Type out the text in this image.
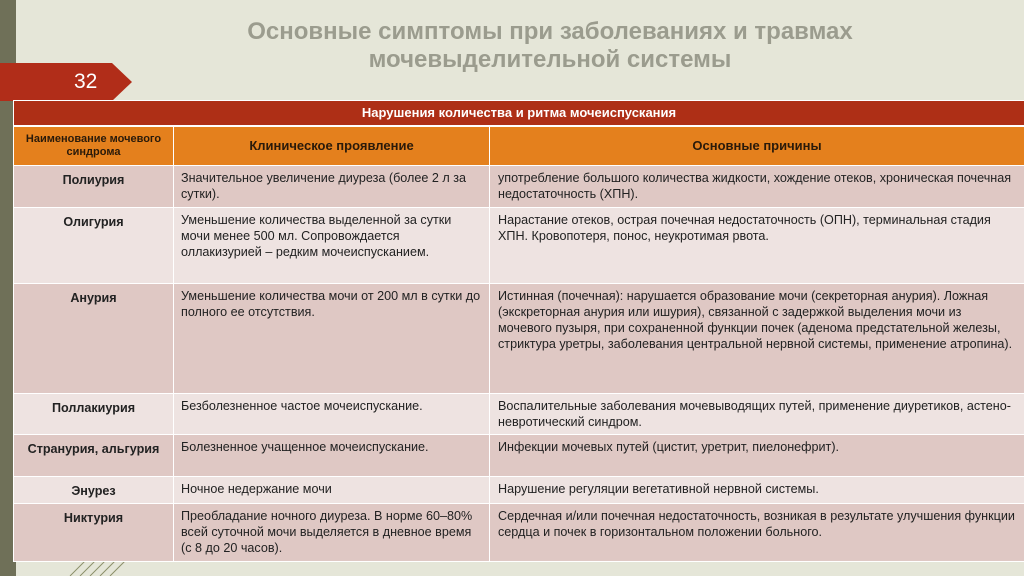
Основные симптомы при заболеваниях и травмах
мочевыделительной системы
32
Нарушения количества и ритма мочеиспускания		
Наименование мочевого синдрома	Клиническое проявление	Основные причины
Полиурия	Значительное увеличение диуреза (более 2 л за сутки).	употребление большого количества жидкости, хождение отеков, хроническая почечная недостаточность (ХПН).
Олигурия	Уменьшение количества выделенной за сутки мочи менее 500 мл. Сопровождается оллакизурией – редким мочеиспусканием.	Нарастание отеков, острая почечная недостаточность (ОПН), терминальная стадия ХПН. Кровопотеря, понос, неукротимая рвота.
Анурия	Уменьшение количества мочи от 200 мл в сутки до полного ее отсутствия.	Истинная (почечная): нарушается образование мочи (секреторная анурия). Ложная (экскреторная анурия или ишурия), связанной с задержкой выделения мочи из мочевого пузыря, при сохраненной функции почек (аденома предстательной железы, стриктура уретры, заболевания центральной нервной системы, применение атропина).
Поллакиурия	Безболезненное частое мочеиспускание.	Воспалительные заболевания мочевыводящих путей, применение диуретиков, астено-невротический синдром.
Странурия, альгурия	Болезненное учащенное мочеиспускание.	Инфекции мочевых путей (цистит, уретрит, пиелонефрит).
Энурез	Ночное недержание мочи	Нарушение регуляции вегетативной нервной системы.
Никтурия	Преобладание ночного диуреза. В норме 60–80% всей суточной мочи выделяется в дневное время (с 8 до 20 часов).	Сердечная и/или почечная недостаточность, возникая в результате улучшения функции сердца и почек в горизонтальном положении больного.
